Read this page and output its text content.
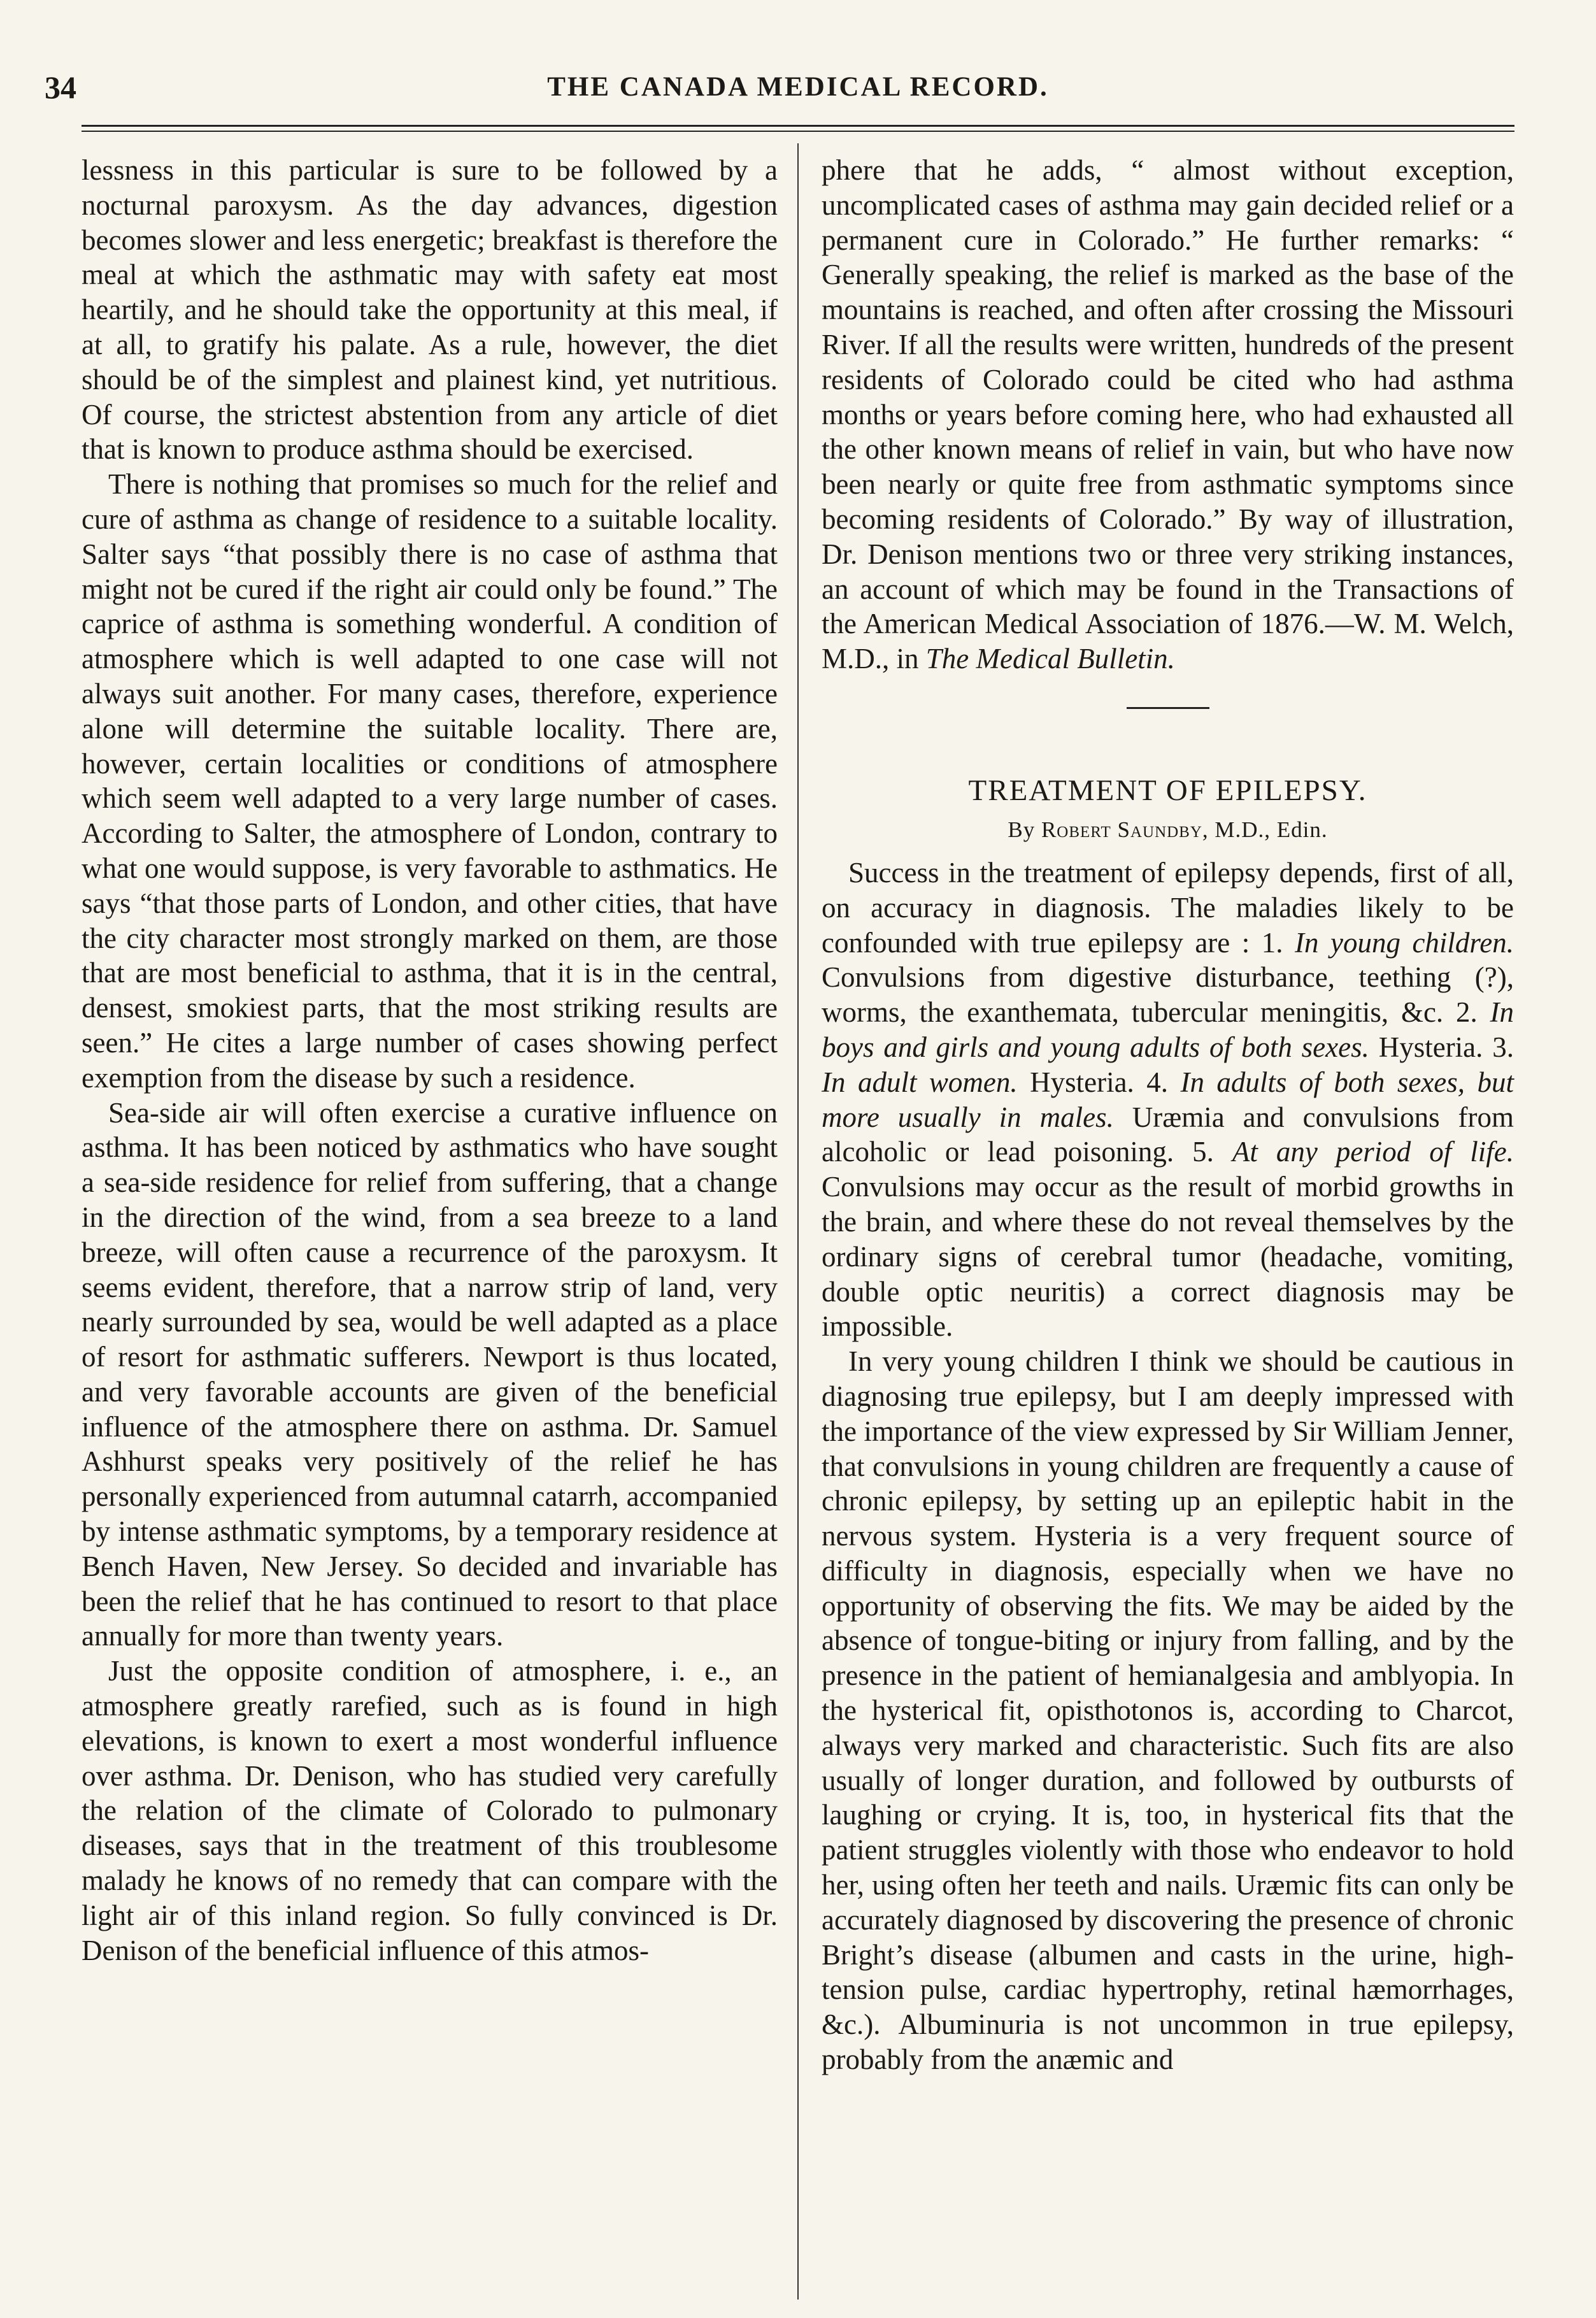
34	THE CANADA MEDICAL RECORD.

lessness in this particular is sure to be followed by a nocturnal paroxysm. As the day advances, digestion becomes slower and less energetic; breakfast is therefore the meal at which the asthmatic may with safety eat most heartily, and he should take the opportunity at this meal, if at all, to gratify his palate. As a rule, however, the diet should be of the simplest and plainest kind, yet nutritious. Of course, the strictest abstention from any article of diet that is known to produce asthma should be exercised.

There is nothing that promises so much for the relief and cure of asthma as change of residence to a suitable locality. Salter says “that possibly there is no case of asthma that might not be cured if the right air could only be found.” The caprice of asthma is something wonderful. A condition of atmosphere which is well adapted to one case will not always suit another. For many cases, therefore, experience alone will determine the suitable locality. There are, however, certain localities or conditions of atmosphere which seem well adapted to a very large number of cases. According to Salter, the atmosphere of London, contrary to what one would suppose, is very favorable to asthmatics. He says “that those parts of London, and other cities, that have the city character most strongly marked on them, are those that are most beneficial to asthma, that it is in the central, densest, smokiest parts, that the most striking results are seen.” He cites a large number of cases showing perfect exemption from the disease by such a residence.

Sea-side air will often exercise a curative influence on asthma. It has been noticed by asthmatics who have sought a sea-side residence for relief from suffering, that a change in the direction of the wind, from a sea breeze to a land breeze, will often cause a recurrence of the paroxysm. It seems evident, therefore, that a narrow strip of land, very nearly surrounded by sea, would be well adapted as a place of resort for asthmatic sufferers. Newport is thus located, and very favorable accounts are given of the beneficial influence of the atmosphere there on asthma. Dr. Samuel Ashhurst speaks very positively of the relief he has personally experienced from autumnal catarrh, accompanied by intense asthmatic symptoms, by a temporary residence at Bench Haven, New Jersey. So decided and invariable has been the relief that he has continued to resort to that place annually for more than twenty years.

Just the opposite condition of atmosphere, i. e., an atmosphere greatly rarefied, such as is found in high elevations, is known to exert a most wonderful influence over asthma. Dr. Denison, who has studied very carefully the relation of the climate of Colorado to pulmonary diseases, says that in the treatment of this troublesome malady he knows of no remedy that can compare with the light air of this inland region. So fully convinced is Dr. Denison of the beneficial influence of this atmos-

phere that he adds, “ almost without exception, uncomplicated cases of asthma may gain decided relief or a permanent cure in Colorado.” He further remarks: “ Generally speaking, the relief is marked as the base of the mountains is reached, and often after crossing the Missouri River. If all the results were written, hundreds of the present residents of Colorado could be cited who had asthma months or years before coming here, who had exhausted all the other known means of relief in vain, but who have now been nearly or quite free from asthmatic symptoms since becoming residents of Colorado.” By way of illustration, Dr. Denison mentions two or three very striking instances, an account of which may be found in the Transactions of the American Medical Association of 1876.—W. M. Welch, M.D., in The Medical Bulletin.

TREATMENT OF EPILEPSY.
By Robert Saundby, M.D., Edin.

Success in the treatment of epilepsy depends, first of all, on accuracy in diagnosis. The maladies likely to be confounded with true epilepsy are : 1. In young children. Convulsions from digestive disturbance, teething (?), worms, the exanthemata, tubercular meningitis, &c. 2. In boys and girls and young adults of both sexes. Hysteria. 3. In adult women. Hysteria. 4. In adults of both sexes, but more usually in males. Uræmia and convulsions from alcoholic or lead poisoning. 5. At any period of life. Convulsions may occur as the result of morbid growths in the brain, and where these do not reveal themselves by the ordinary signs of cerebral tumor (headache, vomiting, double optic neuritis) a correct diagnosis may be impossible.

In very young children I think we should be cautious in diagnosing true epilepsy, but I am deeply impressed with the importance of the view expressed by Sir William Jenner, that convulsions in young children are frequently a cause of chronic epilepsy, by setting up an epileptic habit in the nervous system. Hysteria is a very frequent source of difficulty in diagnosis, especially when we have no opportunity of observing the fits. We may be aided by the absence of tongue-biting or injury from falling, and by the presence in the patient of hemianalgesia and amblyopia. In the hysterical fit, opisthotonos is, according to Charcot, always very marked and characteristic. Such fits are also usually of longer duration, and followed by outbursts of laughing or crying. It is, too, in hysterical fits that the patient struggles violently with those who endeavor to hold her, using often her teeth and nails. Uræmic fits can only be accurately diagnosed by discovering the presence of chronic Bright’s disease (albumen and casts in the urine, high-tension pulse, cardiac hypertrophy, retinal hæmorrhages, &c.). Albuminuria is not uncommon in true epilepsy, probably from the anæmic and
